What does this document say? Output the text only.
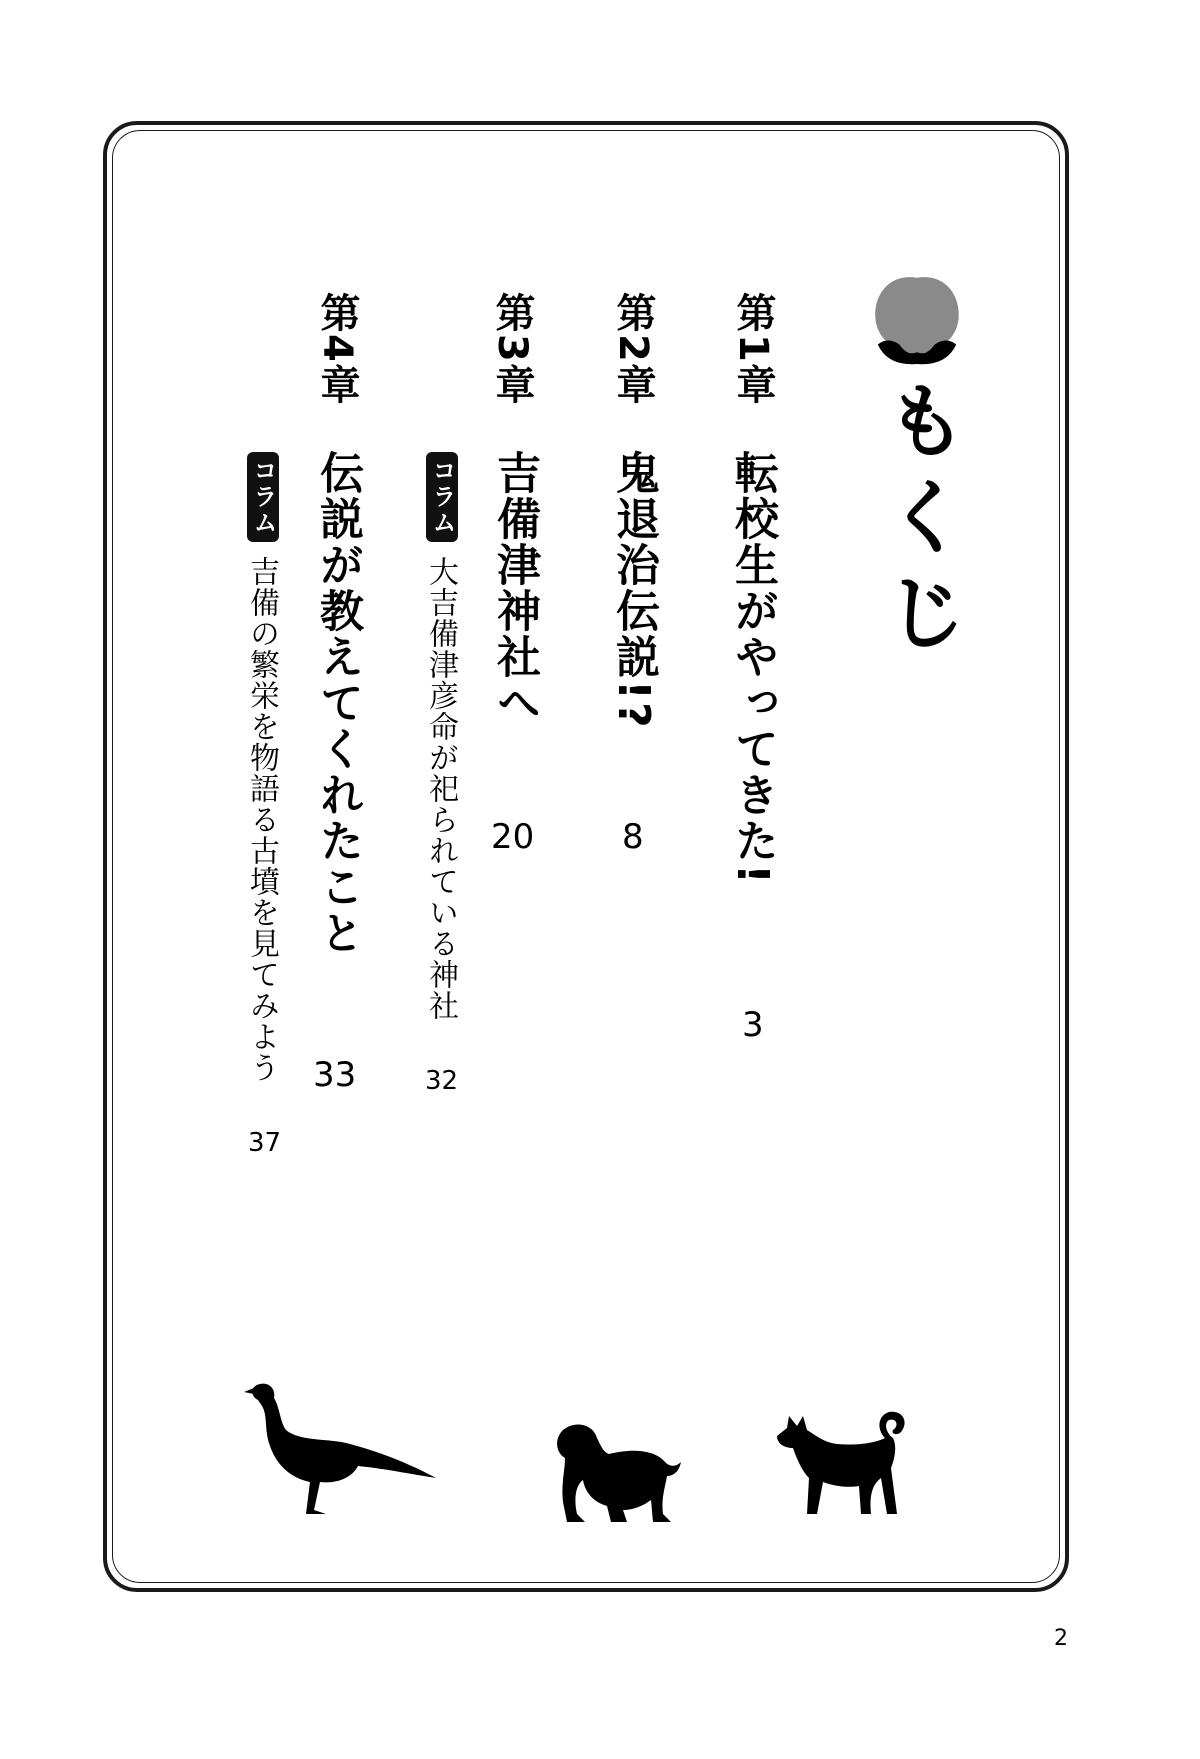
もくじ
第1章
転校生がやってきた!
3
第2章
鬼退治伝説!?
8
第3章
吉備津神社へ
20
コラム
大吉備津彦命が祀られている神社
32
第4章
伝説が教えてくれたこと
33
コラム
吉備の繁栄を物語る古墳を見てみよう
37
2
